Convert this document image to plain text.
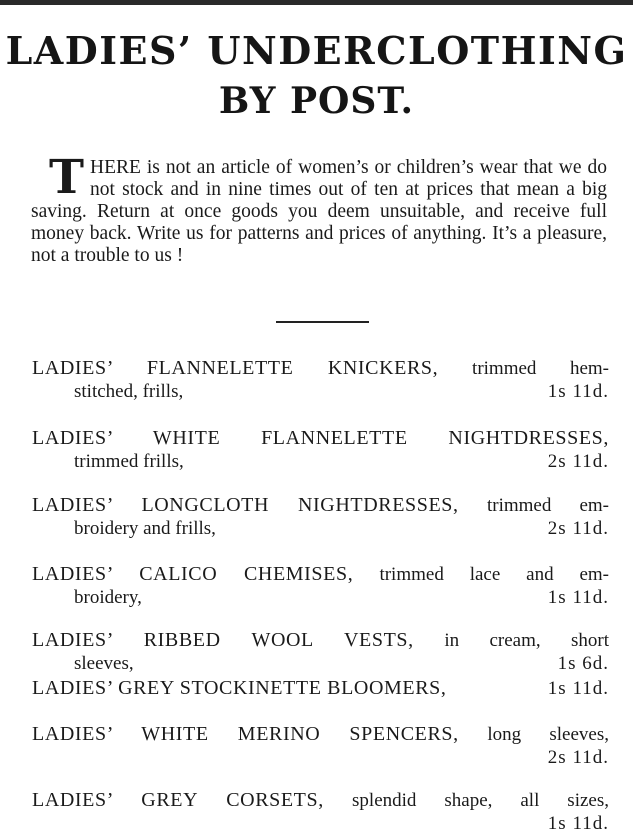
LADIES’ UNDERCLOTHING
BY POST.

T HERE is not an article of women’s or children’s wear that we do not stock and in nine times out of ten at prices that mean a big saving. Return at once goods you deem unsuitable, and receive full money back. Write us for patterns and prices of anything. It’s a pleasure, not a trouble to us !

LADIES’ FLANNELETTE KNICKERS, trimmed hem-
stitched, frills,	1s 11d.
LADIES’ WHITE FLANNELETTE NIGHTDRESSES,
trimmed frills,	2s 11d.
LADIES’ LONGCLOTH NIGHTDRESSES, trimmed em-
broidery and frills,	2s 11d.
LADIES’ CALICO CHEMISES, trimmed lace and em-
broidery,	1s 11d.
LADIES’ RIBBED WOOL VESTS, in cream, short
sleeves,	1s 6d.
LADIES’ GREY STOCKINETTE BLOOMERS,	1s 11d.
LADIES’ WHITE MERINO SPENCERS, long sleeves,
2s 11d.
LADIES’ GREY CORSETS, splendid shape, all sizes,
1s 11d.
